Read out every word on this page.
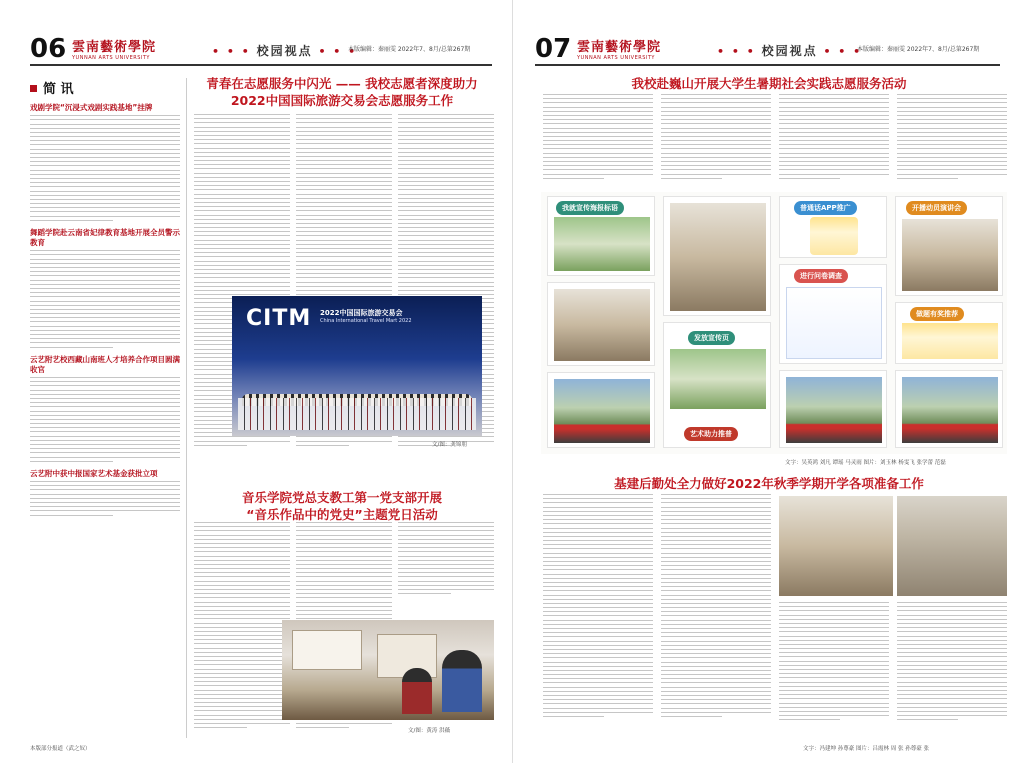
06 雲南藝術學院
YUNNAN ARTS UNIVERSITY	• • • 校园视点 • • •
本版编辑：秦丽雯 2022年7、8月/总第267期
简 讯
戏剧学院“沉浸式戏剧实践基地”挂牌
舞蹈学院赴云南省妃律教育基地开展全员警示教育
云艺附艺校西藏山南班人才培养合作项目圆满收官
云艺附中获中报国家艺术基金获批立项
本版部分报道（武之奴）
青春在志愿服务中闪光 —— 我校志愿者深度助力
2022中国国际旅游交易会志愿服务工作
CITM 2022中国国际旅游交易会
China International Travel Mart 2022
文/图：龚锦朋
音乐学院党总支教工第一党支部开展
“音乐作品中的党史”主题党日活动
文/图：黄涛 洪薇
07 雲南藝術學院
YUNNAN ARTS UNIVERSITY	• • • 校园视点 • • •
本版编辑：秦丽雯 2022年7、8月/总第267期
我校赴巍山开展大学生暑期社会实践志愿服务活动
我就宣传海报标语
发放宣传页
艺术助力推普
普通话APP推广
进行问卷调查
开播动员演讲会
做题有奖推荐
文字：吴英鸿 刘凡 谭瑶 马灵雨 图片：刘玉林 杨雯飞 张学蕾 范磊
基建后勤处全力做好2022年秋季学期开学各项准备工作
文字：冯建坤 孙尊豪 图片：吕霞林 周 张 孙尊豪 张
